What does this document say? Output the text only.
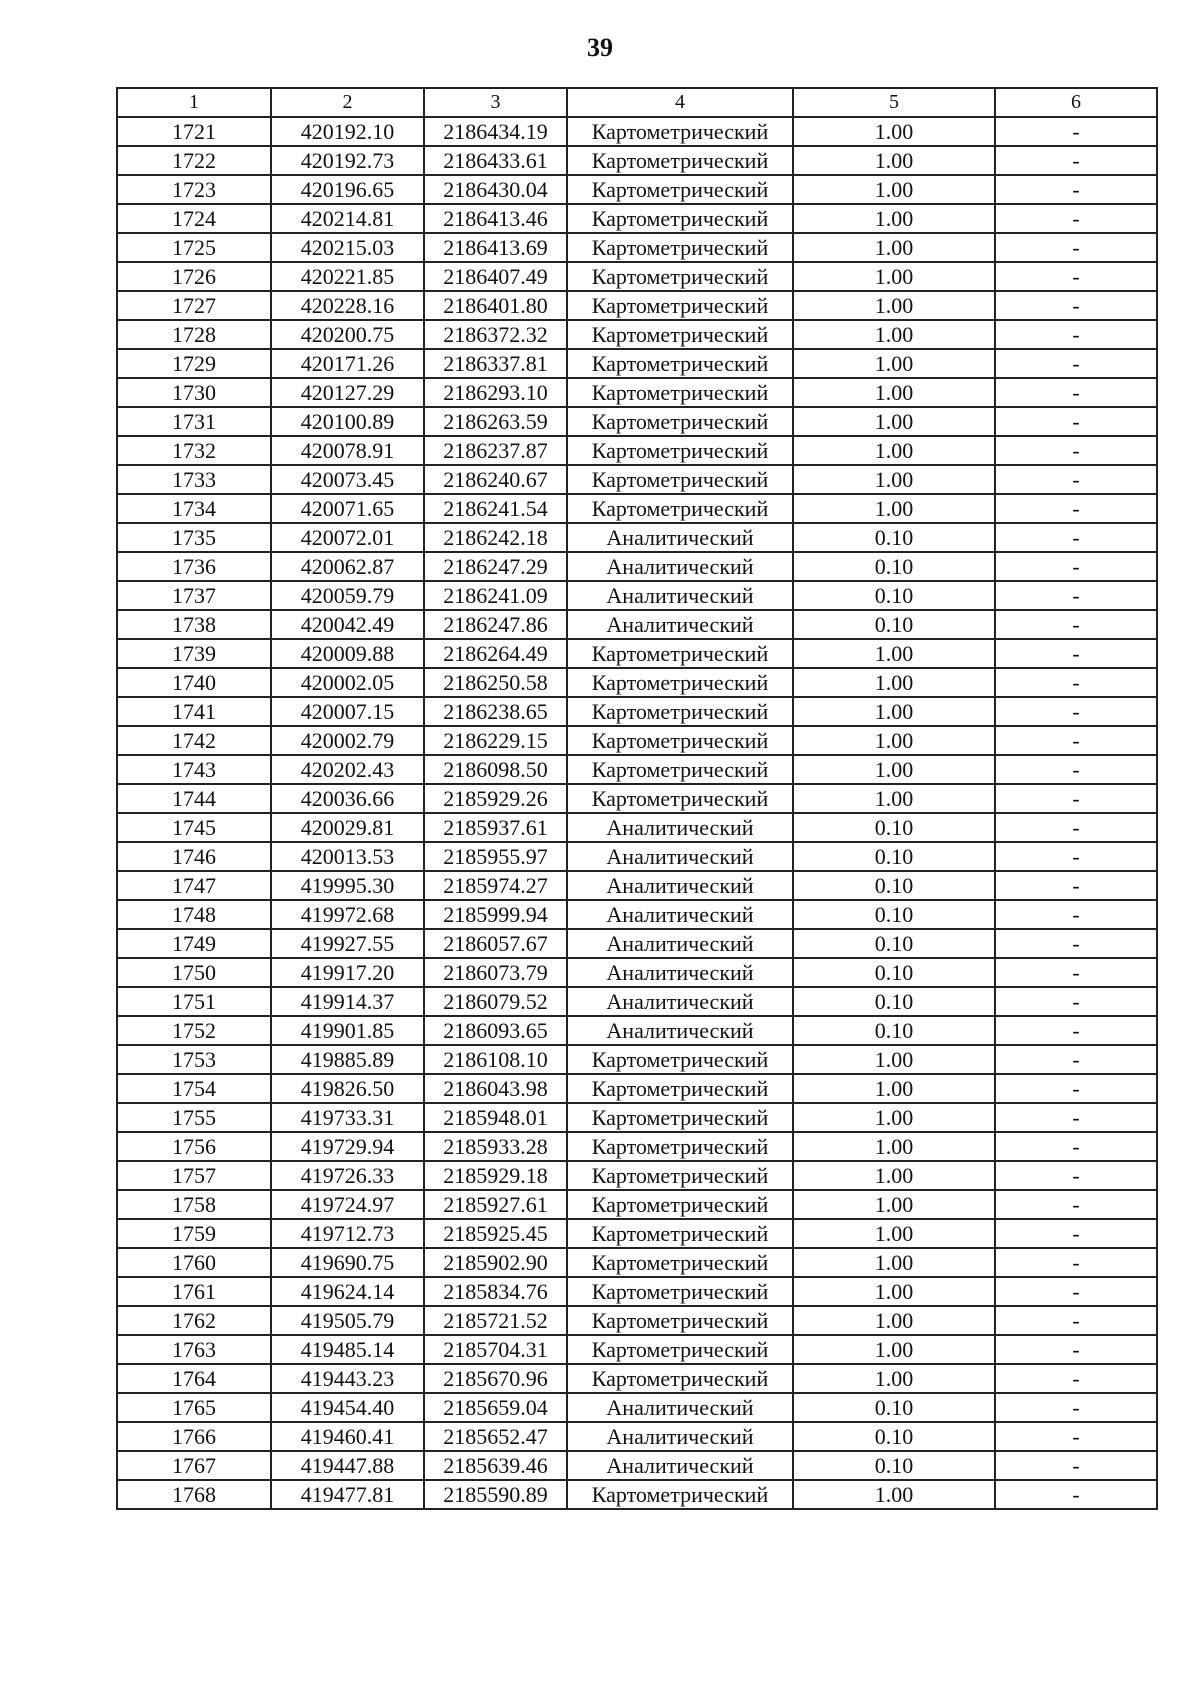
39
1	2	3	4	5	6
1721	420192.10	2186434.19	Картометрический	1.00	-
1722	420192.73	2186433.61	Картометрический	1.00	-
1723	420196.65	2186430.04	Картометрический	1.00	-
1724	420214.81	2186413.46	Картометрический	1.00	-
1725	420215.03	2186413.69	Картометрический	1.00	-
1726	420221.85	2186407.49	Картометрический	1.00	-
1727	420228.16	2186401.80	Картометрический	1.00	-
1728	420200.75	2186372.32	Картометрический	1.00	-
1729	420171.26	2186337.81	Картометрический	1.00	-
1730	420127.29	2186293.10	Картометрический	1.00	-
1731	420100.89	2186263.59	Картометрический	1.00	-
1732	420078.91	2186237.87	Картометрический	1.00	-
1733	420073.45	2186240.67	Картометрический	1.00	-
1734	420071.65	2186241.54	Картометрический	1.00	-
1735	420072.01	2186242.18	Аналитический	0.10	-
1736	420062.87	2186247.29	Аналитический	0.10	-
1737	420059.79	2186241.09	Аналитический	0.10	-
1738	420042.49	2186247.86	Аналитический	0.10	-
1739	420009.88	2186264.49	Картометрический	1.00	-
1740	420002.05	2186250.58	Картометрический	1.00	-
1741	420007.15	2186238.65	Картометрический	1.00	-
1742	420002.79	2186229.15	Картометрический	1.00	-
1743	420202.43	2186098.50	Картометрический	1.00	-
1744	420036.66	2185929.26	Картометрический	1.00	-
1745	420029.81	2185937.61	Аналитический	0.10	-
1746	420013.53	2185955.97	Аналитический	0.10	-
1747	419995.30	2185974.27	Аналитический	0.10	-
1748	419972.68	2185999.94	Аналитический	0.10	-
1749	419927.55	2186057.67	Аналитический	0.10	-
1750	419917.20	2186073.79	Аналитический	0.10	-
1751	419914.37	2186079.52	Аналитический	0.10	-
1752	419901.85	2186093.65	Аналитический	0.10	-
1753	419885.89	2186108.10	Картометрический	1.00	-
1754	419826.50	2186043.98	Картометрический	1.00	-
1755	419733.31	2185948.01	Картометрический	1.00	-
1756	419729.94	2185933.28	Картометрический	1.00	-
1757	419726.33	2185929.18	Картометрический	1.00	-
1758	419724.97	2185927.61	Картометрический	1.00	-
1759	419712.73	2185925.45	Картометрический	1.00	-
1760	419690.75	2185902.90	Картометрический	1.00	-
1761	419624.14	2185834.76	Картометрический	1.00	-
1762	419505.79	2185721.52	Картометрический	1.00	-
1763	419485.14	2185704.31	Картометрический	1.00	-
1764	419443.23	2185670.96	Картометрический	1.00	-
1765	419454.40	2185659.04	Аналитический	0.10	-
1766	419460.41	2185652.47	Аналитический	0.10	-
1767	419447.88	2185639.46	Аналитический	0.10	-
1768	419477.81	2185590.89	Картометрический	1.00	-
